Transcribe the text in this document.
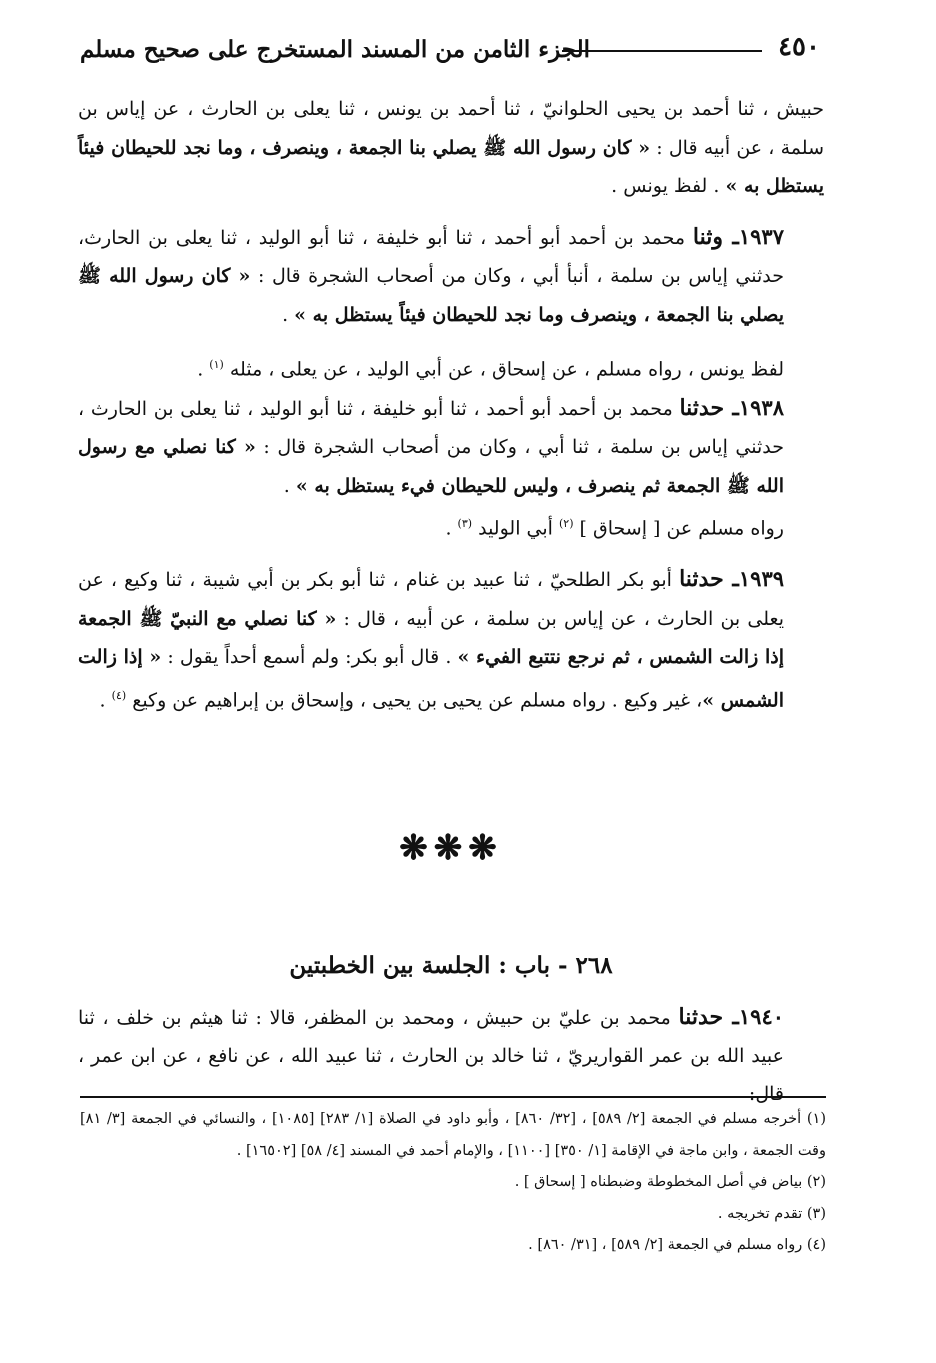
٤٥٠
الجزء الثامن من المسند المستخرج على صحيح مسلم

حبيش ، ثنا أحمد بن يحيى الحلوانيّ ، ثنا أحمد بن يونس ، ثنا يعلى بن الحارث ، عن إياس بن سلمة ، عن أبيه قال : « كان رسول الله ﷺ يصلي بنا الجمعة ، وينصرف ، وما نجد للحيطان فيئاً يستظل به » . لفظ يونس .

١٩٣٧ـ وثنا محمد بن أحمد أبو أحمد ، ثنا أبو خليفة ، ثنا أبو الوليد ، ثنا يعلى بن الحارث، حدثني إياس بن سلمة ، أنبأ أبي ، وكان من أصحاب الشجرة قال : « كان رسول الله ﷺ يصلي بنا الجمعة ، وينصرف وما نجد للحيطان فيئاً يستظل به » .

لفظ يونس ، رواه مسلم ، عن إسحاق ، عن أبي الوليد ، عن يعلى ، مثله $^{(١)}$ .

١٩٣٨ـ حدثنا محمد بن أحمد أبو أحمد ، ثنا أبو خليفة ، ثنا أبو الوليد ، ثنا يعلى بن الحارث ، حدثني إياس بن سلمة ، ثنا أبي ، وكان من أصحاب الشجرة قال : « كنا نصلي مع رسول الله ﷺ الجمعة ثم ينصرف ، وليس للحيطان فيء يستظل به » .

رواه مسلم عن [ إسحاق ] $^{(٢)}$ أبي الوليد $^{(٣)}$ .

١٩٣٩ـ حدثنا أبو بكر الطلحيّ ، ثنا عبيد بن غنام ، ثنا أبو بكر بن أبي شيبة ، ثنا وكيع ، عن يعلى بن الحارث ، عن إياس بن سلمة ، عن أبيه ، قال : « كنا نصلي مع النبيّ ﷺ الجمعة إذا زالت الشمس ، ثم نرجع نتتبع الفيء » . قال أبو بكر: ولم أسمع أحداً يقول : « إذا زالت الشمس »، غير وكيع . رواه مسلم عن يحيى بن يحيى ، وإسحاق بن إبراهيم عن وكيع $^{(٤)}$ .

❋❋❋
٢٦٨ - باب : الجلسة بين الخطبتين

١٩٤٠ـ حدثنا محمد بن عليّ بن حبيش ، ومحمد بن المظفر، قالا : ثنا هيثم بن خلف ، ثنا عبيد الله بن عمر القواريريّ ، ثنا خالد بن الحارث ، ثنا عبيد الله ، عن نافع ، عن ابن عمر ، قال:

(١) أخرجه مسلم في الجمعة [٢/ ٥٨٩] ، [٣٢/ ٨٦٠] ، وأبو داود في الصلاة [١/ ٢٨٣] [١٠٨٥] ، والنسائي في الجمعة [٣/ ٨١] وقت الجمعة ، وابن ماجة في الإقامة [١/ ٣٥٠] [١١٠٠] ، والإمام أحمد في المسند [٤/ ٥٨] [١٦٥٠٢] .

(٢) بياض في أصل المخطوطة وضبطناه [ إسحاق ] .

(٣) تقدم تخريجه .

(٤) رواه مسلم في الجمعة [٢/ ٥٨٩] ، [٣١/ ٨٦٠] .
